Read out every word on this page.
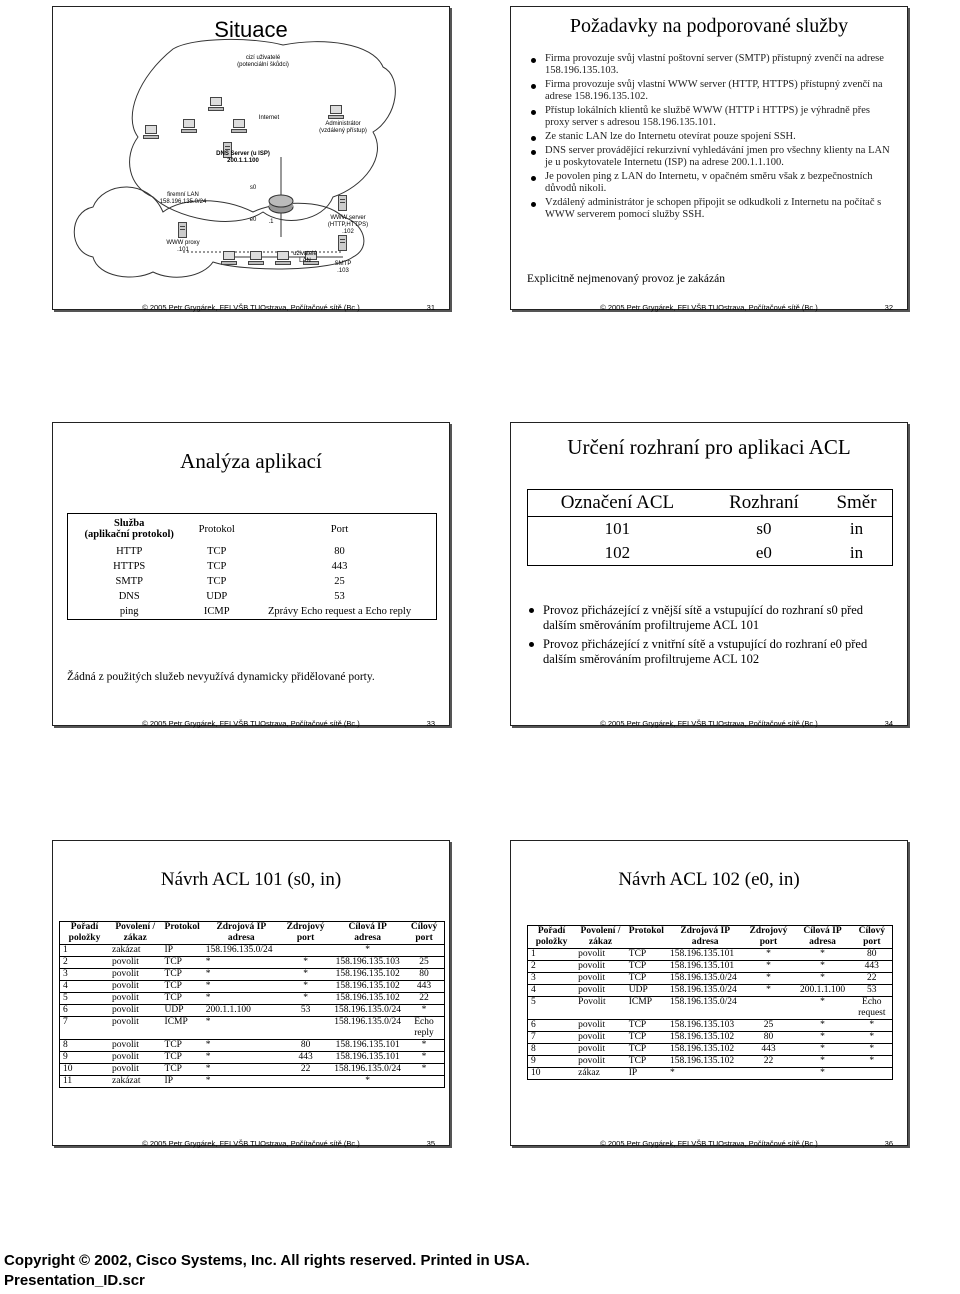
Situace
cizí uživatelé
(potenciální škůdci)
Internet
Administrátor
(vzdálený přístup)
DNS Server (u ISP)
200.1.1.100
s0
firemní LAN
158.196.135.0/24
e0	.1
WWW server
(HTTP,HTTPS)
.102
WWW proxy
.101
uživatelé
LAN	SMTP
.103
© 2005 Petr Grygárek, FEI VŠB TUOstrava, Počítačové sítě (Bc.)	31
Požadavky na podporované služby
Firma provozuje svůj vlastní poštovní server (SMTP) přístupný zvenčí na adrese 158.196.135.103.
Firma provozuje svůj vlastní WWW server (HTTP, HTTPS) přístupný zvenčí na adrese 158.196.135.102.
Přístup lokálních klientů ke službě WWW (HTTP i HTTPS) je výhradně přes proxy server s adresou 158.196.135.101.
Ze stanic LAN lze do Internetu otevírat pouze spojení SSH.
DNS server provádějící rekurzivní vyhledávání jmen pro všechny klienty na LAN je u poskytovatele Internetu (ISP) na adrese 200.1.1.100.
Je povolen ping z LAN do Internetu, v opačném směru však z bezpečnostních důvodů nikoli.
Vzdálený administrátor je schopen připojit se odkudkoli z Internetu na počítač s WWW serverem pomocí služby SSH.
Explicitně nejmenovaný provoz je zakázán
© 2005 Petr Grygárek, FEI VŠB TUOstrava, Počítačové sítě (Bc.)	32
Analýza aplikací
Služba
(aplikační protokol)	Protokol	Port
HTTP	TCP	80
HTTPS	TCP	443
SMTP	TCP	25
DNS	UDP	53
ping	ICMP	Zprávy Echo request a Echo reply
Žádná z použitých služeb nevyužívá dynamicky přidělované porty.
© 2005 Petr Grygárek, FEI VŠB TUOstrava, Počítačové sítě (Bc.)	33
Určení rozhraní pro aplikaci ACL
Označení ACL	Rozhraní	Směr
101	s0	in
102	e0	in
Provoz přicházející z vnější sítě a vstupující do rozhraní s0 před dalším směrováním profiltrujeme ACL 101
Provoz přicházející z vnitřní sítě a vstupující do rozhraní e0 před dalším směrováním profiltrujeme ACL 102
© 2005 Petr Grygárek, FEI VŠB TUOstrava, Počítačové sítě (Bc.)	34
Návrh ACL 101 (s0, in)
Pořadí položky	Povolení / zákaz	Protokol	Zdrojová IP adresa	Zdrojový port	Cílová IP adresa	Cílový port
1	zakázat	IP	158.196.135.0/24		*	
2	povolit	TCP	*	*	158.196.135.103	25
3	povolit	TCP	*	*	158.196.135.102	80
4	povolit	TCP	*	*	158.196.135.102	443
5	povolit	TCP	*	*	158.196.135.102	22
6	povolit	UDP	200.1.1.100	53	158.196.135.0/24	*
7	povolit	ICMP	*		158.196.135.0/24	Echo reply
8	povolit	TCP	*	80	158.196.135.101	*
9	povolit	TCP	*	443	158.196.135.101	*
10	povolit	TCP	*	22	158.196.135.0/24	*
11	zakázat	IP	*		*	
© 2005 Petr Grygárek, FEI VŠB TUOstrava, Počítačové sítě (Bc.)	35
Návrh ACL 102 (e0, in)
Pořadí položky	Povolení / zákaz	Protokol	Zdrojová IP adresa	Zdrojový port	Cílová IP adresa	Cílový port
1	povolit	TCP	158.196.135.101	*	*	80
2	povolit	TCP	158.196.135.101	*	*	443
3	povolit	TCP	158.196.135.0/24	*	*	22
4	povolit	UDP	158.196.135.0/24	*	200.1.1.100	53
5	Povolit	ICMP	158.196.135.0/24		*	Echo request
6	povolit	TCP	158.196.135.103	25	*	*
7	povolit	TCP	158.196.135.102	80	*	*
8	povolit	TCP	158.196.135.102	443	*	*
9	povolit	TCP	158.196.135.102	22	*	*
10	zákaz	IP	*		*	
© 2005 Petr Grygárek, FEI VŠB TUOstrava, Počítačové sítě (Bc.)	36
Copyright © 2002, Cisco Systems, Inc. All rights reserved. Printed in USA.
Presentation_ID.scr
